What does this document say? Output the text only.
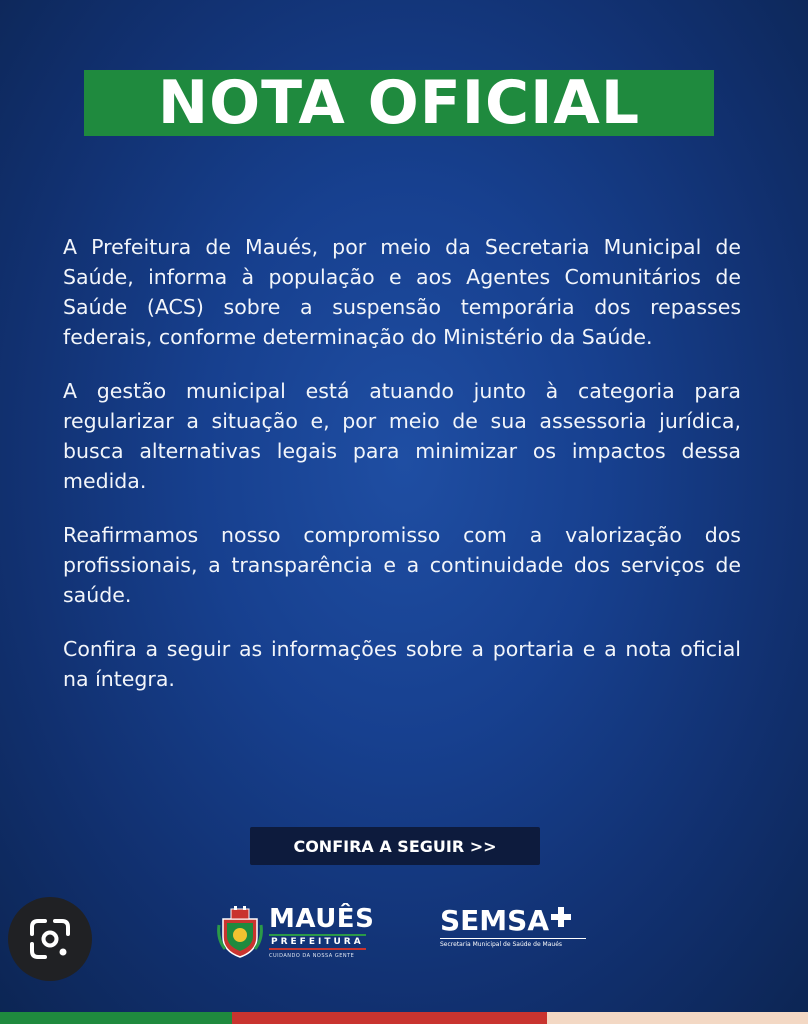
NOTA OFICIAL

A Prefeitura de Maués, por meio da Secretaria Municipal de Saúde, informa à população e aos Agentes Comunitários de Saúde (ACS) sobre a suspensão temporária dos repasses federais, conforme determinação do Ministério da Saúde.

A gestão municipal está atuando junto à categoria para regularizar a situação e, por meio de sua assessoria jurídica, busca alternativas legais para minimizar os impactos dessa medida.

Reafirmamos nosso compromisso com a valorização dos profissionais, a transparência e a continuidade dos serviços de saúde.

Confira a seguir as informações sobre a portaria e a nota oficial na íntegra.

CONFIRA A SEGUIR >>
MAUÊS
PREFEITURA
CUIDANDO DA NOSSA GENTE
SEMSA
Secretaria Municipal de Saúde de Maués
